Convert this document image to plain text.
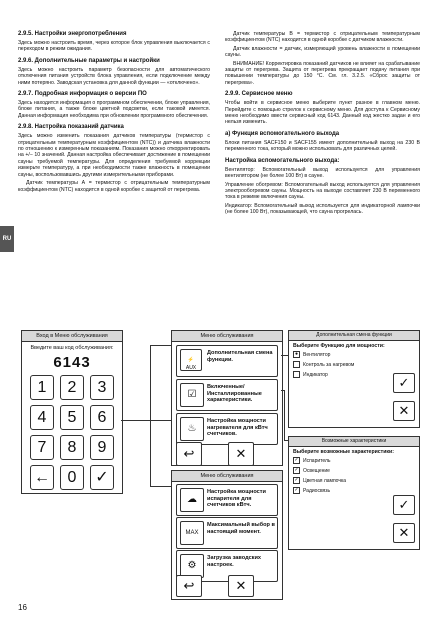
RU
2.9.5. Настройки энергопотребления

Здесь можно настроить время, через которое блок управления выключается с переходом в режим ожидания.

2.9.6. Дополнительные параметры и настройки

Здесь можно настроить параметр безопасности для автоматического отключения питания устройств блока управления, если подключение между ними потеряно. Заводская установка для данной функции — «отключено».

2.9.7. Подробная информация о версии ПО

Здесь находится информация о программном обеспечении, блоке управления, блоке питания, а также блоке цветной подсветки, если таковой имеется. Данная информация необходима при обновлении программного обеспечения.

2.9.8. Настройка показаний датчика

Здесь можно изменить показания датчиков температуры (термистор с отрицательным температурным коэффициентом (NTC)) и датчика влажности по отношению к измеренным показаниям. Показания можно откорректировать на +/− 10 значений. Данная настройка обеспечивает достижение в помещении сауны требуемой температуры. Для определения требуемой коррекции измерьте температуру, а при необходимости также влажность в помещении сауны, воспользовавшись другими измерительными приборами.

Датчик температуры А = термистор с отрицательным температурным коэффициентом (NTC) находится в одной коробке с защитой от перегрева.

Датчик температуры В = термистор с отрицательным температурным коэффициентом (NTC) находится в одной коробке с датчиком влажности.

Датчик влажности = датчик, измеряющий уровень влажности в помещении сауны.

ВНИМАНИЕ! Корректировка показаний датчиков не влияет на срабатывание защиты от перегрева. Защита от перегрева прекращает подачу питания при повышении температуры до 150 °C. См. гл. 3.2.5. «Сброс защиты от перегрева».

2.9.9. Сервисное меню

Чтобы войти в сервисное меню выберите пункт разное в главном меню. Перейдите с помощью стрелок к сервисному меню. Для доступа к Сервисному меню необходимо ввести сервисный код 6143. Данный код жестко задан и его нельзя изменить.

а) Функция вспомогательного выхода

Блоки питания SACF150 и SACF155 имеют дополнительный выход на 230 В переменного тока, который можно использовать для различных целей.

Настройка вспомогательного выхода:

Вентилятор: Вспомогательный выход используется для управления вентилятором (не более 100 Вт) в сауне.

Управление обогревом: Вспомогательный выход используется для управления электрообогревом сауны. Мощность на выходе составляет 230 В переменного тока в режиме включения сауны.

Индикатор: Вспомогательный выход используется для индикаторной лампочки (не более 100 Вт), показывающей, что сауна прогрелась.

Вход в Меню обслуживания
Введите ваш код обслуживания:
6143
1	2	3
4	5	6
7	8	9
←	0	✓
Меню обслуживания
⚡
AUX
Дополнительная смена функции.
☑
Включенные/ Инсталлированные характеристики.
♨
Настройка мощности нагревателя для кВтч счетчиков.
↩	✕
Дополнительная смена функции
Выберите Функцию для мощности:
● Вентилятор
Контроль за нагревом
Индикатор
✓
✕
Возможные характеристики
Выберите возможные характеристики:
✓ Испаритель
✓ Освещение
✓ Цветная лампочка
✓ Радиосвязь
✓
✕
Меню обслуживания
☁
Настройка мощности испарителя для счетчиков кВтч.
MAX
Максимальный выбор в настоящий момент.
⚙
Загрузка заводских настроек.
↩	✕
16
